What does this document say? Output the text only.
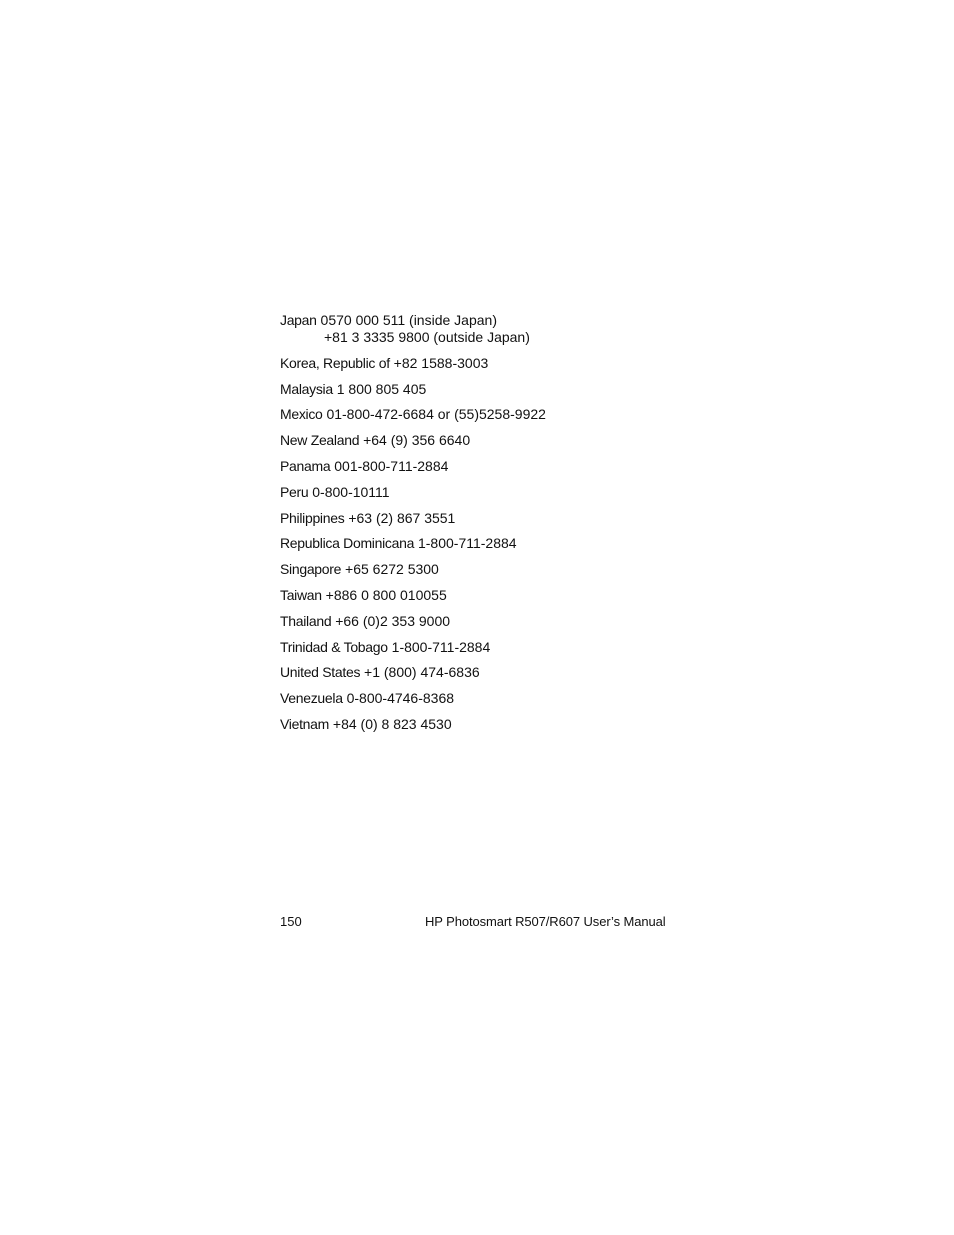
Japan 0570 000 511 (inside Japan)
+81 3 3335 9800 (outside Japan)
Korea, Republic of +82 1588-3003
Malaysia 1 800 805 405
Mexico 01-800-472-6684 or (55)5258-9922
New Zealand +64 (9) 356 6640
Panama 001-800-711-2884
Peru 0-800-10111
Philippines +63 (2) 867 3551
Republica Dominicana 1-800-711-2884
Singapore +65 6272 5300
Taiwan +886 0 800 010055
Thailand +66 (0)2 353 9000
Trinidad & Tobago 1-800-711-2884
United States +1 (800) 474-6836
Venezuela 0-800-4746-8368
Vietnam +84 (0) 8 823 4530
150	HP Photosmart R507/R607 User’s Manual
